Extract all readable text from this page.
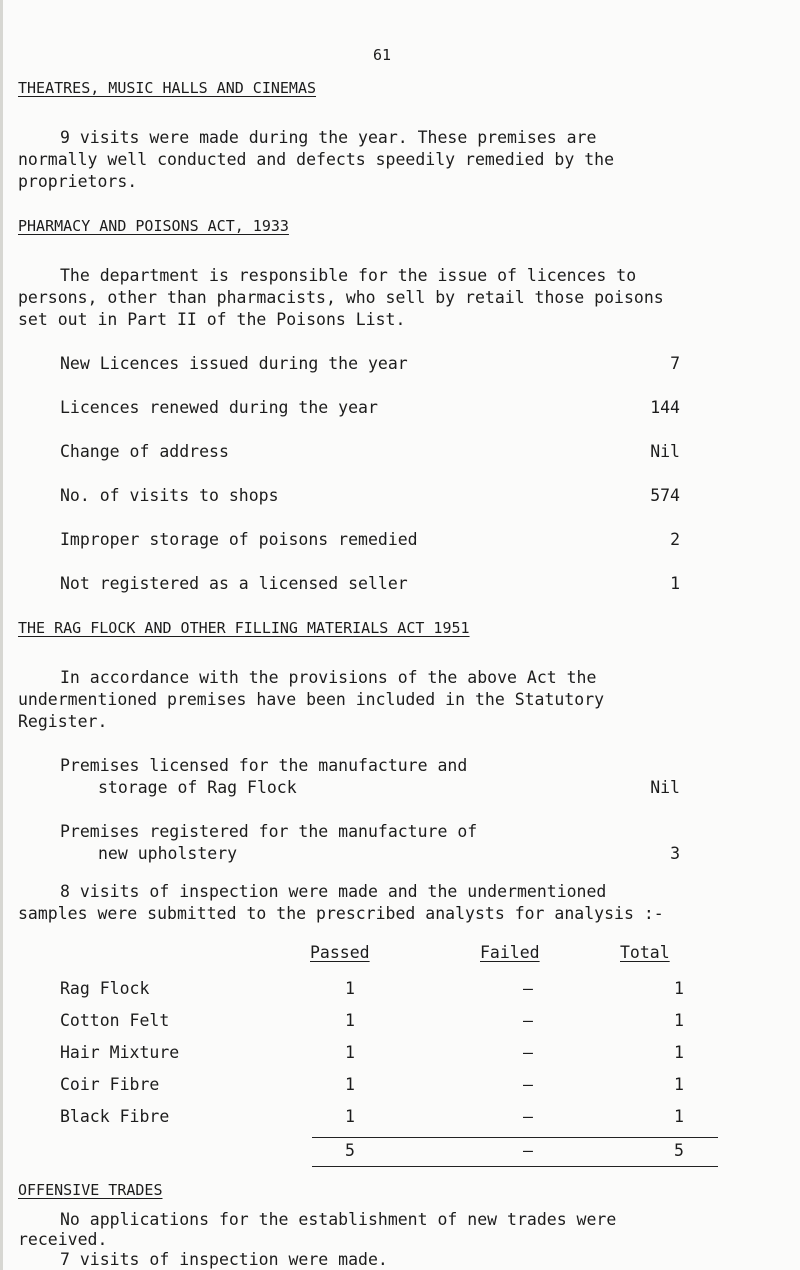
61
THEATRES, MUSIC HALLS AND CINEMAS
9 visits were made during the year. These premises are
normally well conducted and defects speedily remedied by the
proprietors.
PHARMACY AND POISONS ACT, 1933
The department is responsible for the issue of licences to
persons, other than pharmacists, who sell by retail those poisons
set out in Part II of the Poisons List.
New Licences issued during the year	7
Licences renewed during the year	144
Change of address	Nil
No. of visits to shops	574
Improper storage of poisons remedied	2
Not registered as a licensed seller	1
THE RAG FLOCK AND OTHER FILLING MATERIALS ACT 1951
In accordance with the provisions of the above Act the
undermentioned premises have been included in the Statutory
Register.
Premises licensed for the manufacture and
storage of Rag Flock	Nil
Premises registered for the manufacture of
new upholstery	3
8 visits of inspection were made and the undermentioned
samples were submitted to the prescribed analysts for analysis :-
Passed	Failed	Total
Rag Flock	1	–	1
Cotton Felt	1	–	1
Hair Mixture	1	–	1
Coir Fibre	1	–	1
Black Fibre	1	–	1
5	–	5
OFFENSIVE TRADES
No applications for the establishment of new trades were
received.
7 visits of inspection were made.
